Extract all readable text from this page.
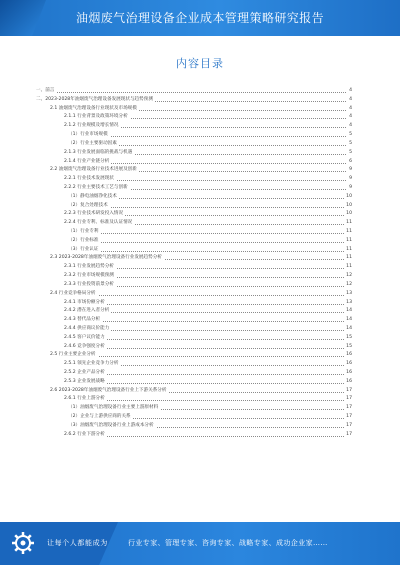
油烟废气治理设备企业成本管理策略研究报告
内容目录
一、前言	4
二、2023-2028年油烟废气治理设备发展现状与趋势预测	4
2.1 油烟废气治理设备行业现状及市场规模	4
2.1.1 行业背景及政策环境分析	4
2.1.2 行业规模及增长情况	4
（1）行业市场规模	5
（2）行业主要驱动因素	5
2.1.3 行业发展面临的挑战与机遇	5
2.1.4 行业产业链分析	6
2.2 油烟废气治理设备行业技术进展及创新	9
2.2.1 行业技术发展现状	9
2.2.2 行业主要技术工艺与创新	9
（1）静电油烟净化技术	10
（2）复合处理技术	10
2.2.3 行业技术研发投入情况	10
2.2.4 行业专利、标准及认证情况	11
（1）行业专利	11
（2）行业标准	11
（3）行业认证	11
2.3 2023-2028年油烟废气治理设备行业发展趋势分析	11
2.3.1 行业发展趋势分析	11
2.3.2 行业市场规模预测	12
2.3.3 行业投资前景分析	12
2.4 行业竞争格局分析	13
2.4.1 市场份额分析	13
2.4.2 潜在进入者分析	14
2.4.3 替代品分析	14
2.4.4 供应商议价能力	14
2.4.5 客户议价能力	15
2.4.6 竞争强度分析	15
2.5 行业主要企业分析	16
2.5.1 领先企业竞争力分析	16
2.5.2 企业产品分析	16
2.5.3 企业发展战略	16
2.6 2023-2028年油烟废气治理设备行业上下游关系分析	17
2.6.1 行业上游分析	17
（1）油烟废气治理设备行业主要上游原材料	17
（2）企业与上游供应商的关系	17
（3）油烟废气治理设备行业上游成本分析	17
2.6.2 行业下游分析	17
让每个人都能成为	行业专家、管理专家、咨询专家、战略专家、成功企业家……
